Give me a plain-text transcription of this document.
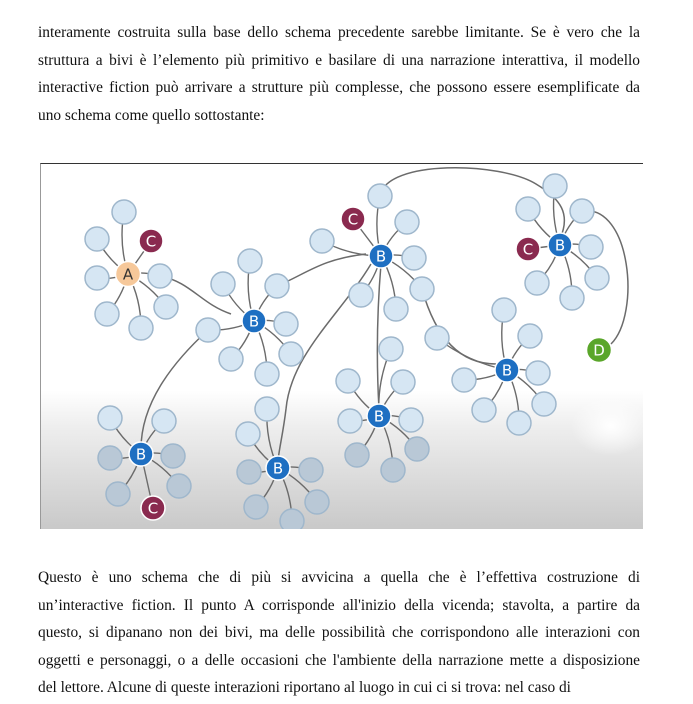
interamente costruita sulla base dello schema precedente sarebbe limitante. Se è vero che la
struttura a bivi è l’elemento più primitivo e basilare di una narrazione interattiva, il modello
interactive fiction può arrivare a strutture più complesse, che possono essere esemplificate da
uno schema come quello sottostante:

C
C
C
C
A
B
B
B
B
B
B
B
D

Questo è uno schema che di più si avvicina a quella che è l’effettiva costruzione di
un’interactive fiction. Il punto A corrisponde all'inizio della vicenda; stavolta, a partire da
questo, si dipanano non dei bivi, ma delle possibilità che corrispondono alle interazioni con
oggetti e personaggi, o a delle occasioni che l'ambiente della narrazione mette a disposizione
del lettore. Alcune di queste interazioni riportano al luogo in cui ci si trova: nel caso di
